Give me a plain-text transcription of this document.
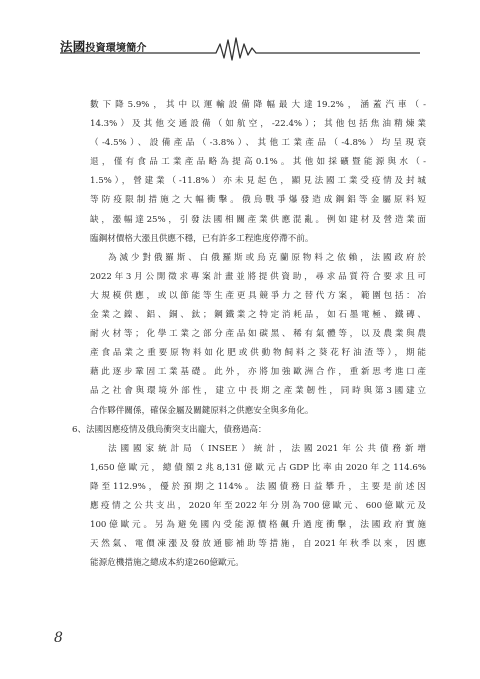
法國投資環境簡介
數下降5.9%，其中以運輸設備降幅最大達19.2%，涵蓋汽車（-
14.3%）及其他交通設備（如航空，-22.4%）；其他包括焦油精煉業
（-4.5%）、設備產品（-3.8%）、其他工業產品（-4.8%）均呈現衰
退，僅有食品工業產品略為提高0.1%。其他如採礦暨能源與水（-
1.5%），營建業（-11.8%）亦未見起色，顯見法國工業受疫情及封城
等防疫限制措施之大幅衝擊。俄烏戰爭爆發造成鋼鋁等金屬原料短
缺，漲幅達25%，引發法國相關產業供應混亂。例如建材及營造業面
臨鋼材價格大漲且供應不穩，已有許多工程進度停滯不前。
為減少對俄羅斯、白俄羅斯或烏克蘭原物料之依賴，法國政府於
2022年3月公開徵求專案計畫並將提供資助，尋求品質符合要求且可
大規模供應，或以節能等生產更具競爭力之替代方案，範圍包括：冶
金業之鎳、鋁、銅、鈦；鋼鐵業之特定消耗品，如石墨電極、鐵磚、
耐火材等；化學工業之部分產品如碳黑、稀有氣體等，以及農業與農
產食品業之重要原物料如化肥或供動物飼料之葵花籽油渣等），期能
藉此逐步鞏固工業基礎。此外，亦將加強歐洲合作，重新思考進口產
品之社會與環境外部性，建立中長期之產業韌性，同時與第3國建立
合作夥伴關係，確保金屬及關鍵原料之供應安全與多角化。
6、法國因應疫情及俄烏衝突支出龐大，債務過高：
法國國家統計局（INSEE）統計，法國2021年公共債務新增
1,650億歐元，總債額2兆8,131億歐元占GDP比率由2020年之114.6%
降至112.9%，優於預期之114%。法國債務日益攀升，主要是前述因
應疫情之公共支出，2020年至2022年分別為700億歐元、600億歐元及
100億歐元。另為避免國內受能源價格飆升過度衝擊，法國政府實施
天然氣、電價凍漲及發放通膨補助等措施，自2021年秋季以來，因應
能源危機措施之總成本約達260億歐元。
8
